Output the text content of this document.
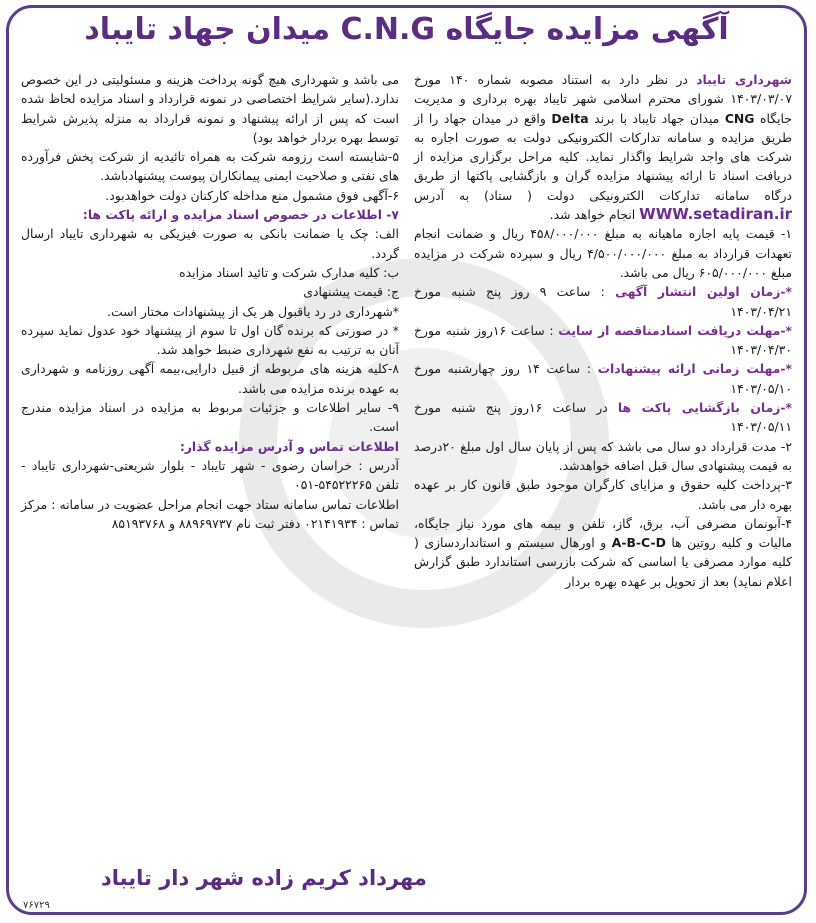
آگهی مزایده جایگاه C.N.G میدان جهاد تایباد

شهرداری تایباد در نظر دارد به استناد مصوبه شماره ۱۴۰ مورخ ۱۴۰۳/۰۳/۰۷ شورای محترم اسلامی شهر تایباد بهره برداری و مدیریت جایگاه CNG میدان جهاد تایباد با برند Delta واقع در میدان جهاد را از طریق مزایده و سامانه تدارکات الکترونیکی دولت به صورت اجاره به شرکت های واجد شرایط واگذار نماید. کلیه مراحل برگزاری مزایده از دریافت اسناد تا ارائه پیشنهاد مزایده گران و بازگشایی پاکتها از طریق درگاه سامانه تدارکات الکترونیکی دولت ( ستاد) به آدرس WWW.setadiran.ir انجام خواهد شد.

۱- قیمت پایه اجاره ماهیانه به مبلغ ۴۵۸/۰۰۰/۰۰۰ ریال و ضمانت انجام تعهدات قرارداد به مبلغ ۴/۵۰۰/۰۰۰/۰۰۰ ریال و سپرده شرکت در مزایده مبلغ ۶۰۵/۰۰۰/۰۰۰ ریال می باشد.

*-زمان اولین انتشار آگهی : ساعت ۹ روز پنج شنبه مورخ ۱۴۰۳/۰۴/۲۱

*-مهلت دریافت اسنادمناقصه از سایت : ساعت ۱۶روز شنبه مورخ ۱۴۰۳/۰۴/۳۰

*-مهلت زمانی ارائه پیشنهادات : ساعت ۱۴ روز چهارشنبه مورخ ۱۴۰۳/۰۵/۱۰

*-زمان بازگشایی پاکت ها در ساعت ۱۶روز پنج شنبه مورخ ۱۴۰۳/۰۵/۱۱

۲- مدت قرارداد دو سال می باشد که پس از پایان سال اول مبلغ ۲۰درصد به قیمت پیشنهادی سال قبل اضافه خواهدشد.

۳-پرداخت کلیه حقوق و مزایای کارگران موجود طبق قانون کار بر عهده بهره دار می باشد.

۴-آبونمان مصرفی آب، برق، گاز، تلفن و بیمه های مورد نیاز جایگاه، مالیات و کلیه روتین ها A-B-C-D و اورهال سیستم و استانداردسازی ( کلیه موارد مصرفی یا اساسی که شرکت بازرسی استاندارد طبق گزارش اعلام نماید) بعد از تحویل بر عهده بهره بردار

می باشد و شهرداری هیچ گونه پرداخت هزینه و مسئولیتی در این خصوص ندارد.(سایر شرایط اختصاصی در نمونه قرارداد و اسناد مزایده لحاظ شده است که پس از ارائه پیشنهاد و نمونه قرارداد به منزله پذیرش شرایط توسط بهره بردار خواهد بود)

۵-شایسته است رزومه شرکت به همراه تائیدیه از شرکت پخش فرآورده های نفتی و صلاحیت ایمنی پیمانکاران پیوست پیشنهادباشد.

۶-آگهی فوق مشمول منع مداخله کارکنان دولت خواهدبود.

۷- اطلاعات در خصوص اسناد مزایده و ارائه پاکت ها:

الف: چک یا ضمانت بانکی به صورت فیزیکی به شهرداری تایباد ارسال گردد.

ب: کلیه مدارک شرکت و تائید اسناد مزایده

ج: قیمت پیشنهادی

*شهرداری در رد یاقبول هر یک از پیشنهادات مختار است.

* در صورتی که برنده گان اول تا سوم از پیشنهاد خود عدول نماید سپرده آنان به ترتیب به نفع شهرداری ضبط خواهد شد.

۸-کلیه هزینه های مربوطه از قبیل دارایی،بیمه آگهی روزنامه و شهرداری به عهده برنده مزایده می باشد.

۹- سایر اطلاعات و جزئیات مربوط به مزایده در اسناد مزایده مندرج است.

اطلاعات تماس و آدرس مزایده گذار:

آدرس : خراسان رضوی - شهر تایباد - بلوار شریعتی-شهرداری تایباد - تلفن ۵۴۵۲۲۲۶۵-۰۵۱

اطلاعات تماس سامانه ستاد جهت انجام مراحل عضویت در سامانه : مرکز تماس : ۰۲۱۴۱۹۳۴ دفتر ثبت نام ۸۸۹۶۹۷۳۷ و ۸۵۱۹۳۷۶۸

مهرداد کریم زاده شهر دار تایباد
۷۶۷۲۹
